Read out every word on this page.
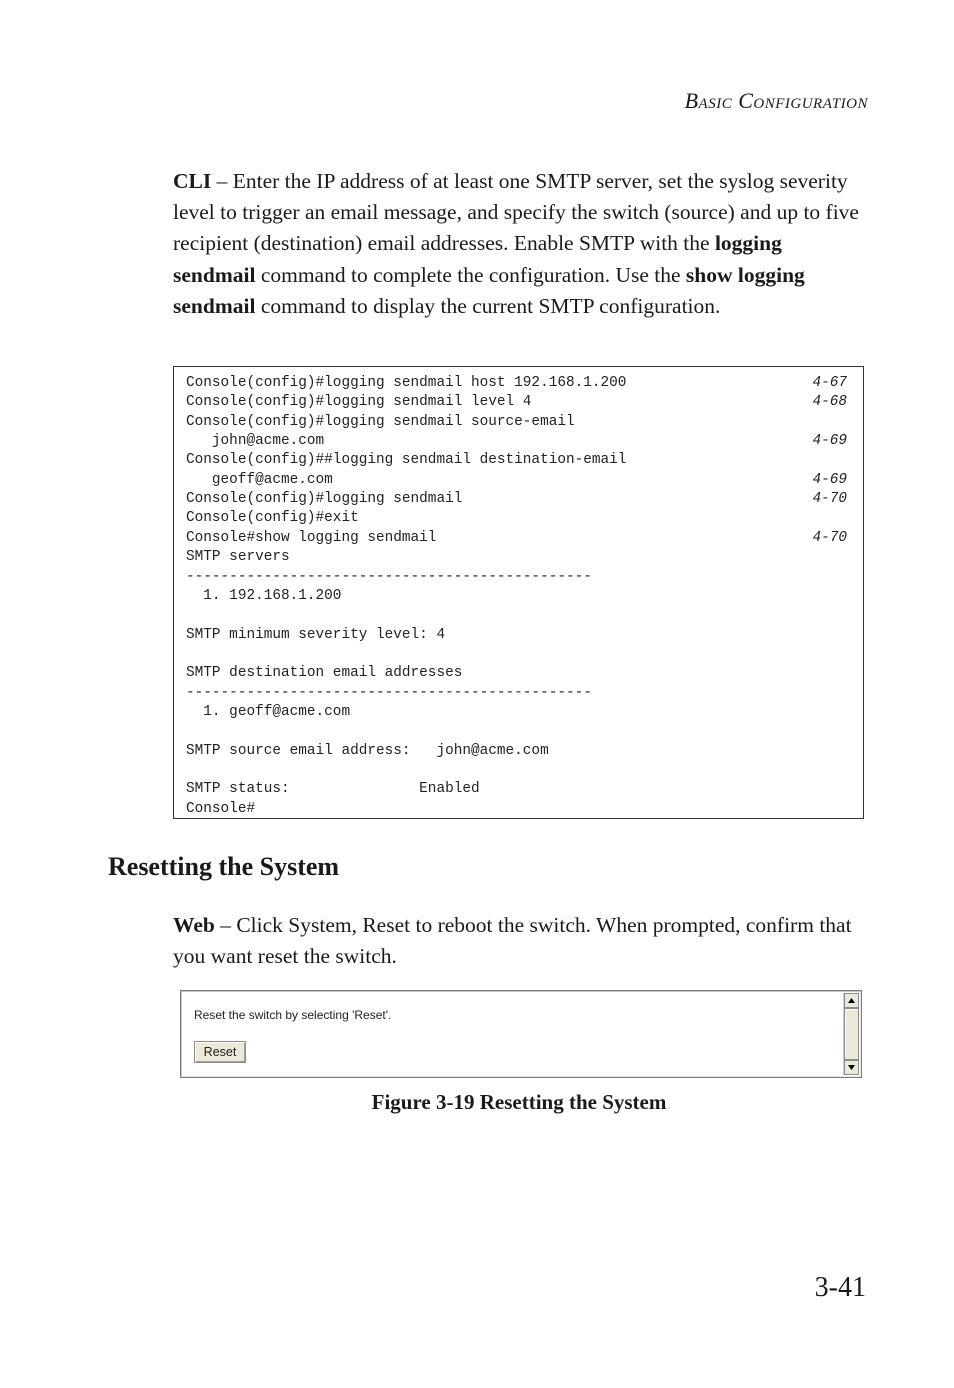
Basic Configuration
CLI – Enter the IP address of at least one SMTP server, set the syslog severity level to trigger an email message, and specify the switch (source) and up to five recipient (destination) email addresses. Enable SMTP with the logging sendmail command to complete the configuration. Use the show logging sendmail command to display the current SMTP configuration.
Console(config)#logging sendmail host 192.168.1.200	4-67
Console(config)#logging sendmail level 4	4-68
Console(config)#logging sendmail source-email
john@acme.com	4-69
Console(config)##logging sendmail destination-email
geoff@acme.com	4-69
Console(config)#logging sendmail	4-70
Console(config)#exit
Console#show logging sendmail	4-70
SMTP servers
-----------------------------------------------
1. 192.168.1.200
SMTP minimum severity level: 4
SMTP destination email addresses
-----------------------------------------------
1. geoff@acme.com
SMTP source email address:   john@acme.com
SMTP status:               Enabled
Console#
Resetting the System
Web – Click System, Reset to reboot the switch. When prompted, confirm that you want reset the switch.
Reset the switch by selecting 'Reset'.
Reset
Figure 3-19 Resetting the System
3-41
